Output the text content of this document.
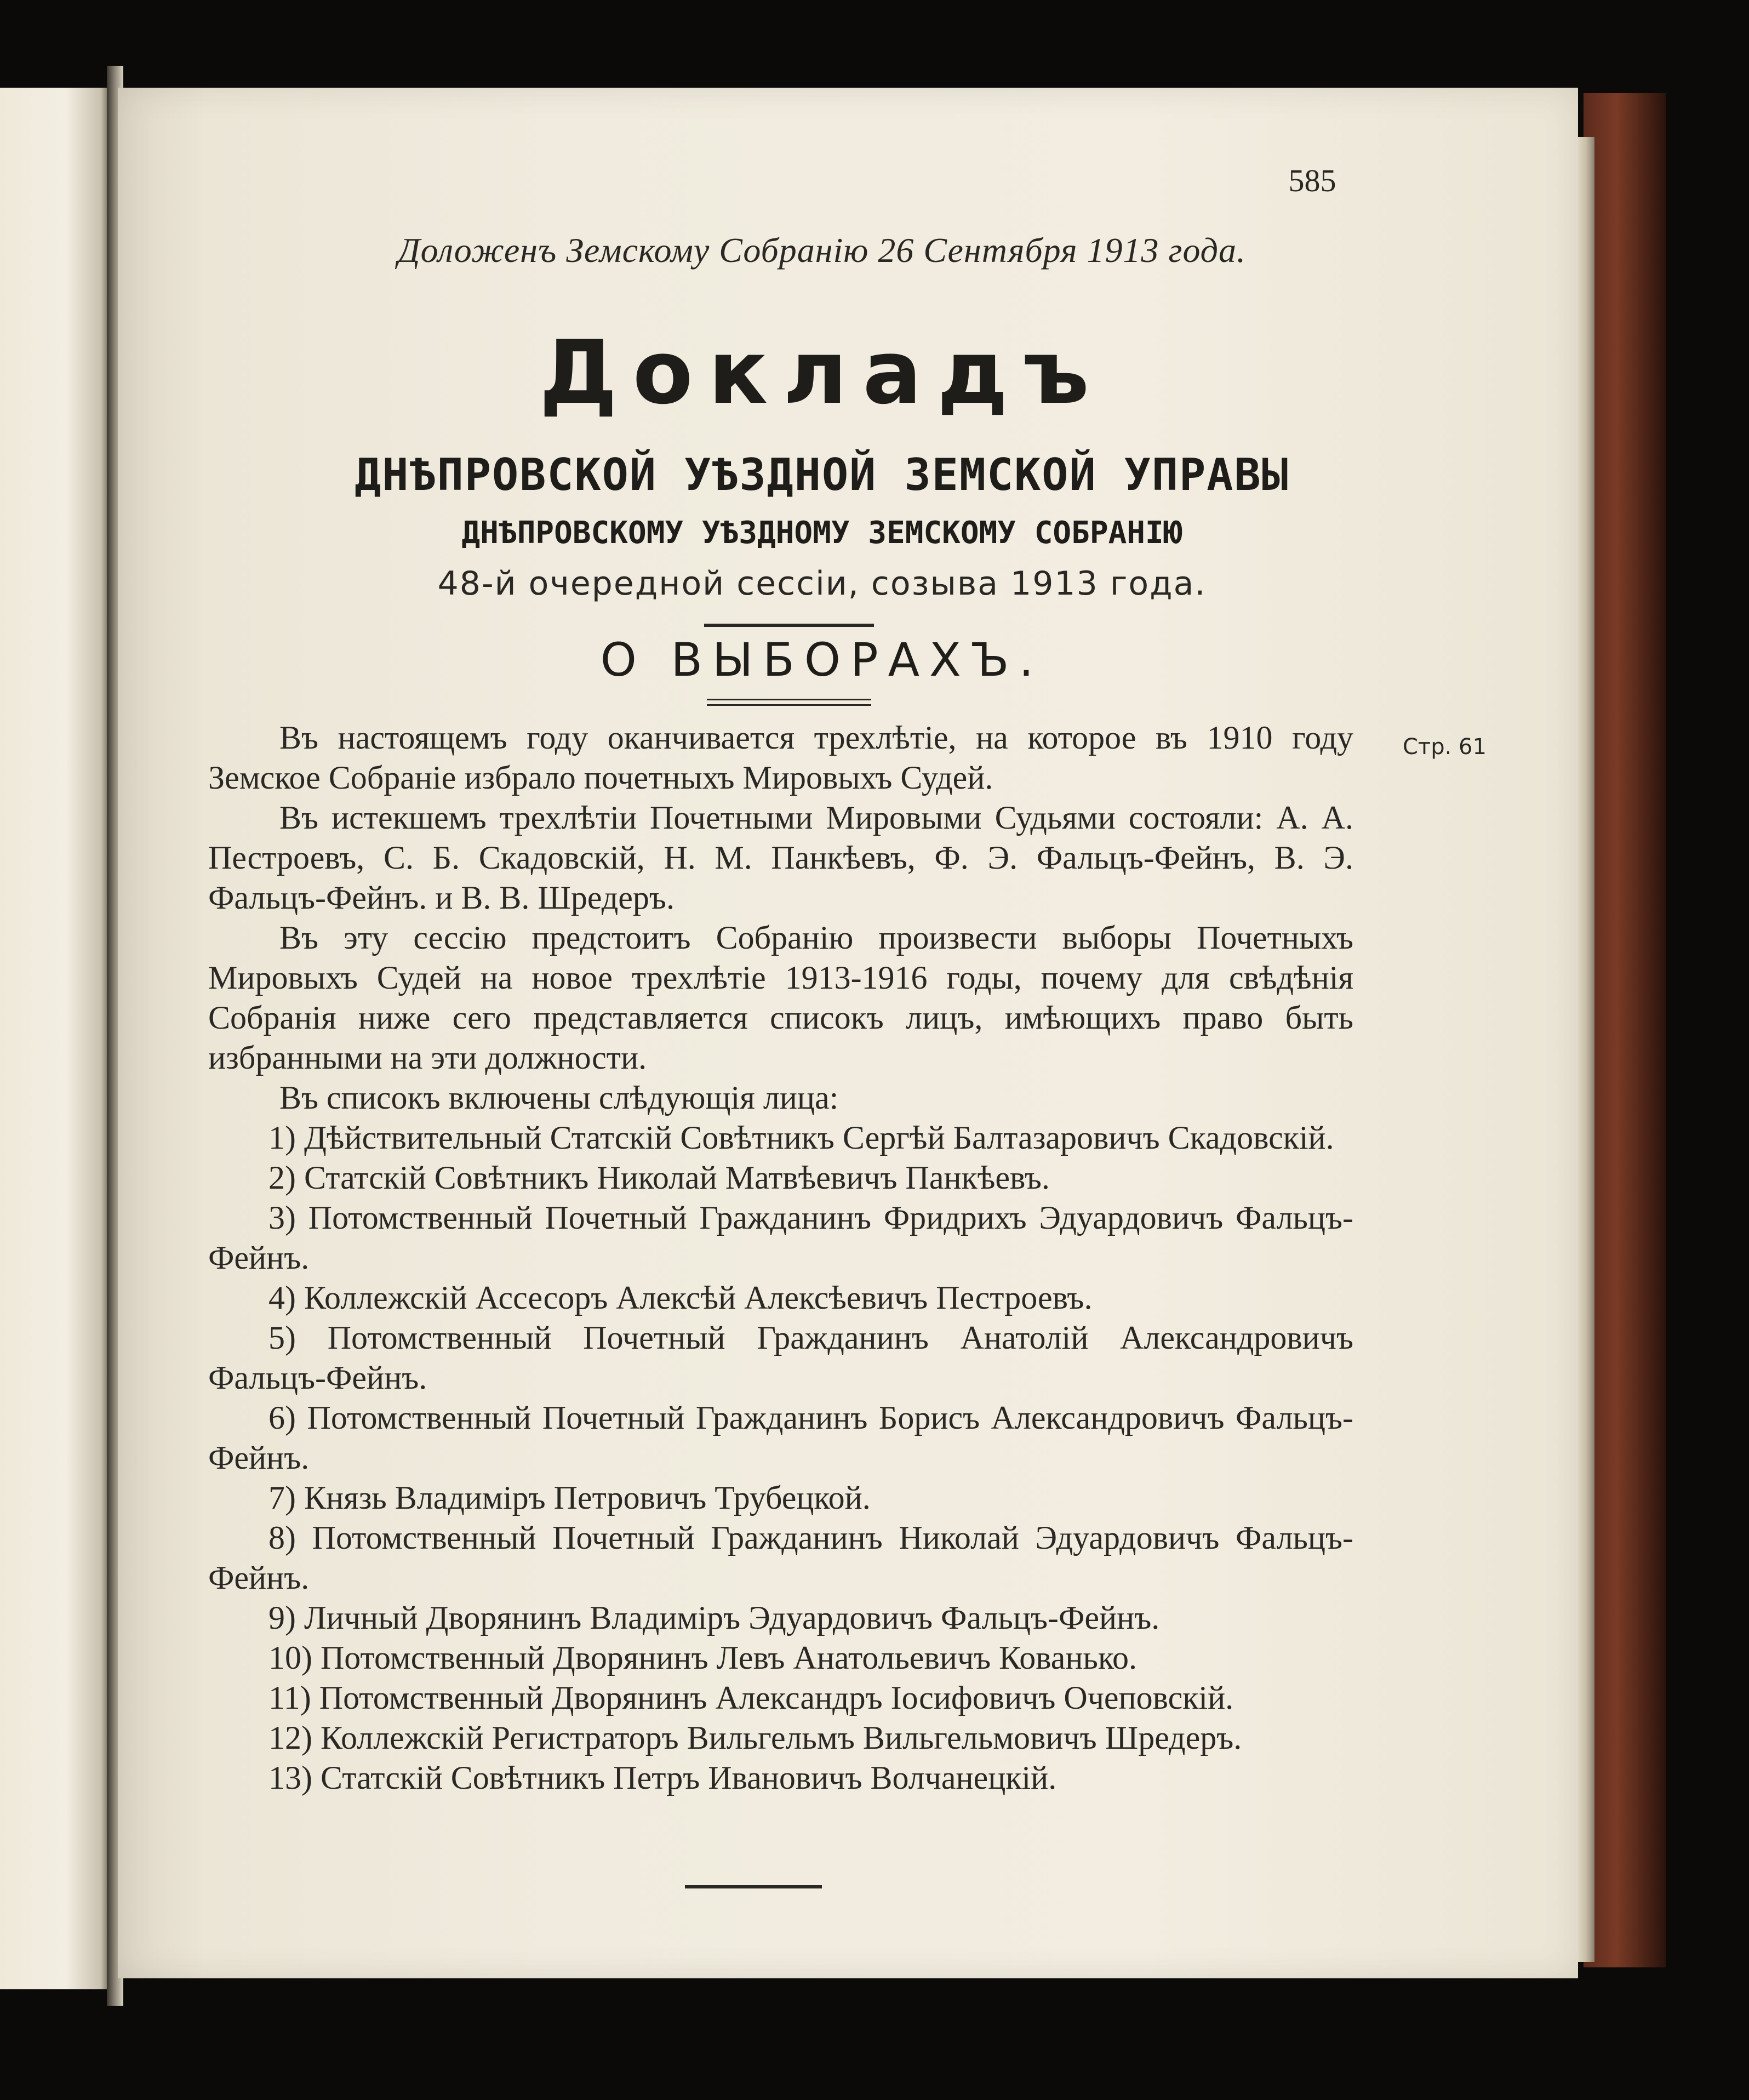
585
Доложенъ Земскому Собранію 26 Сентября 1913 года.
Докладъ
ДНѢПРОВСКОЙ УѢЗДНОЙ ЗЕМСКОЙ УПРАВЫ
ДНѢПРОВСКОМУ УѢЗДНОМУ ЗЕМСКОМУ СОБРАНІЮ
48-й очередной сессіи, созыва 1913 года.
О ВЫБОРАХЪ.
Стр. 61

Въ настоящемъ году оканчивается трехлѣтіе, на которое въ 1910 году Земское Собраніе избрало почетныхъ Мировыхъ Судей.

Въ истекшемъ трехлѣтіи Почетными Мировыми Судьями состояли: А. А. Пестроевъ, С. Б. Скадовскій, Н. М. Панкѣевъ, Ф. Э. Фальцъ-Фейнъ, В. Э. Фальцъ-Фейнъ. и В. В. Шредеръ.

Въ эту сессію предстоитъ Собранію произвести выборы Почетныхъ Мировыхъ Судей на новое трехлѣтіе 1913-1916 годы, почему для свѣдѣнія Собранія ниже сего представляется списокъ лицъ, имѣющихъ право быть избранными на эти должности.

Въ списокъ включены слѣдующія лица:

1) Дѣйствительный Статскій Совѣтникъ Сергѣй Балтазаровичъ Скадовскій.

2) Статскій Совѣтникъ Николай Матвѣевичъ Панкѣевъ.

3) Потомственный Почетный Гражданинъ Фридрихъ Эдуардовичъ Фальцъ-Фейнъ.

4) Коллежскій Ассесоръ Алексѣй Алексѣевичъ Пестроевъ.

5) Потомственный Почетный Гражданинъ Анатолій Александровичъ Фальцъ-Фейнъ.

6) Потомственный Почетный Гражданинъ Борисъ Александровичъ Фальцъ-Фейнъ.

7) Князь Владиміръ Петровичъ Трубецкой.

8) Потомственный Почетный Гражданинъ Николай Эдуардовичъ Фальцъ-Фейнъ.

9) Личный Дворянинъ Владиміръ Эдуардовичъ Фальцъ-Фейнъ.

10) Потомственный Дворянинъ Левъ Анатольевичъ Кованько.

11) Потомственный Дворянинъ Александръ Іосифовичъ Очеповскій.

12) Коллежскій Регистраторъ Вильгельмъ Вильгельмовичъ Шредеръ.

13) Статскій Совѣтникъ Петръ Ивановичъ Волчанецкій.
